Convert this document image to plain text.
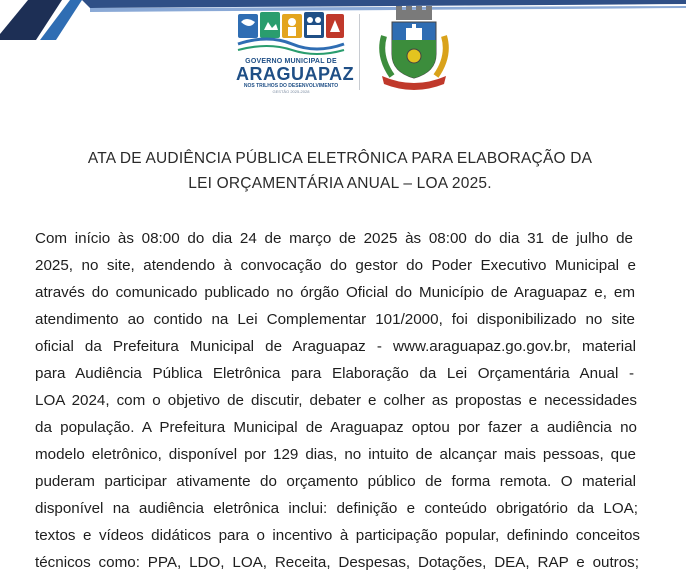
GOVERNO MUNICIPAL DE
ARAGUAPAZ
NOS TRILHOS DO DESENVOLVIMENTO
GESTÃO 2025-2028
ATA DE AUDIÊNCIA PÚBLICA ELETRÔNICA PARA ELABORAÇÃO DA
LEI ORÇAMENTÁRIA ANUAL – LOA 2025.
Com início às 08:00 do dia 24 de março de 2025 às 08:00 do dia 31 de julho de
2025, no site, atendendo à convocação do gestor do Poder Executivo Municipal e
através do comunicado publicado no órgão Oficial do Município de Araguapaz e, em
atendimento ao contido na Lei Complementar 101/2000, foi disponibilizado no site
oficial da Prefeitura Municipal de Araguapaz - www.araguapaz.go.gov.br, material
para Audiência Pública Eletrônica para Elaboração da Lei Orçamentária Anual -
LOA 2024, com o objetivo de discutir, debater e colher as propostas e necessidades
da população. A Prefeitura Municipal de Araguapaz optou por fazer a audiência no
modelo eletrônico, disponível por 129 dias, no intuito de alcançar mais pessoas, que
puderam participar ativamente do orçamento público de forma remota. O material
disponível na audiência eletrônica inclui: definição e conteúdo obrigatório da LOA;
textos e vídeos didáticos para o incentivo à participação popular, definindo conceitos
técnicos como: PPA, LDO, LOA, Receita, Despesas, Dotações, DEA, RAP e outros;
